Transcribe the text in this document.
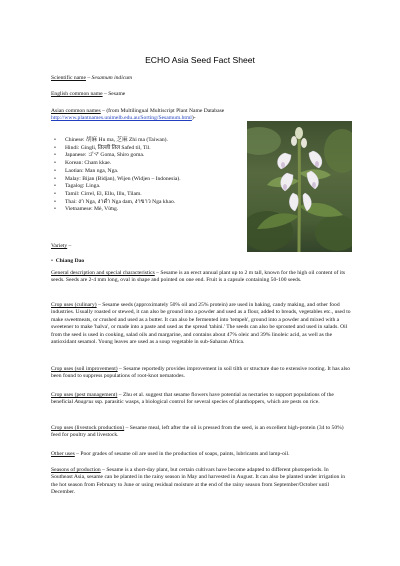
ECHO Asia Seed Fact Sheet
Scientific name – Sesamum indicum
English common name – Sesame
Asian common names – (from Multilingual Multiscript Plant Name Database http://www.plantnames.unimelb.edu.au/Sorting/Sesamum.html)-
• Chinese: 胡麻 Hu ma, 芝麻 Zhi ma (Taiwan).
• Hindi: Gingli, तिल्ली तिल Safed til, Til.
• Japanese: ゴマ Goma, Shiro goma.
• Korean: Cham kkae.
• Laotian: Man nga, Nga.
• Malay: Bijan (Bidjan), Wijen (Widjen – Indonesia).
• Tagalog: Linga.
• Tamil: Cirrel, El, Ellu, Illu, Tilam.
• Thai: งา Nga, งาดำ Nga dam, งาขาว Nga khao.
• Vietnamese: Mè, Vừng.
Variety –
•  Chiang Dao
General description and special characteristics – Sesame is an erect annual plant up to 2 m tall, known for the high oil content of its seeds. Seeds are 2-4 mm long, oval in shape and pointed on one end. Fruit is a capsule containing 50-100 seeds.
Crop uses (culinary) – Sesame seeds (approximately 50% oil and 25% protein) are used in baking, candy making, and other food industries. Usually roasted or stewed, it can also be ground into a powder and used as a flour, added to breads, vegetables etc., used to make sweetmeats, or crushed and used as a butter. It can also be fermented into 'tempeh', ground into a powder and mixed with a sweetener to make 'halva', or made into a paste and used as the spread 'tahini.' The seeds can also be sprouted and used in salads. Oil from the seed is used in cooking, salad oils and margarine, and contains about 47% oleic and 39% linoleic acid, as well as the antioxidant sesamol. Young leaves are used as a soup vegetable in sub-Saharan Africa.
Crop uses (soil improvement) – Sesame reportedly provides improvement in soil tilth or structure due to extensive rooting. It has also been found to suppress populations of root-knot nematodes.
Crop uses (pest management) – Zhu et al. suggest that sesame flowers have potential as nectaries to support populations of the beneficial Anagrus ssp. parasitic wasps, a biological control for several species of planthoppers, which are pests on rice.
Crop uses (livestock production) – Sesame meal, left after the oil is pressed from the seed, is an excellent high-protein (34 to 50%) feed for poultry and livestock.
Other uses – Poor grades of sesame oil are used in the production of soaps, paints, lubricants and lamp-oil.
Seasons of production – Sesame is a short-day plant, but certain cultivars have become adapted to different photoperiods. In Southeast Asia, sesame can be planted in the rainy season in May and harvested in August. It can also be planted under irrigation in the hot season from February to June or using residual moisture at the end of the rainy season from September/October until December.
